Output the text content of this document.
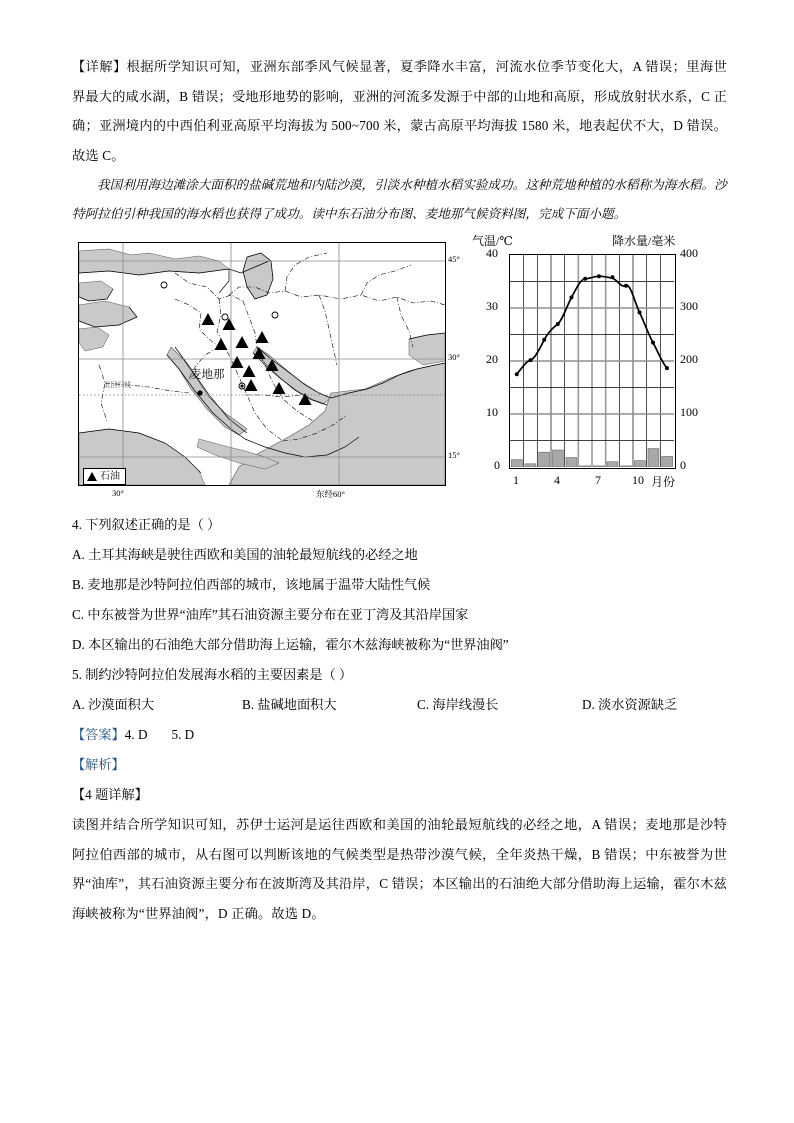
【详解】根据所学知识可知，亚洲东部季风气候显著，夏季降水丰富，河流水位季节变化大，A 错误；里海世界最大的咸水湖，B 错误；受地形地势的影响，亚洲的河流多发源于中部的山地和高原，形成放射状水系，C 正确；亚洲境内的中西伯利亚高原平均海拔为 500~700 米，蒙古高原平均海拔 1580 米，地表起伏不大，D 错误。故选 C。

我国利用海边滩涂大面积的盐碱荒地和内陆沙漠，引淡水种植水稻实验成功。这种荒地种植的水稻称为海水稻。沙特阿拉伯引种我国的海水稻也获得了成功。读中东石油分布图、麦地那气候资料图，完成下面小题。

麦地那
北回归线
石油
45°
30°
15°
30°	东经60°
气温/℃	降水量/毫米
40
30
20
10
0
400
300
200
100
0
1	4	7	10 月份

4. 下列叙述正确的是（ ）

A. 土耳其海峡是驶往西欧和美国的油轮最短航线的必经之地

B. 麦地那是沙特阿拉伯西部的城市，该地属于温带大陆性气候

C. 中东被誉为世界“油库”其石油资源主要分布在亚丁湾及其沿岸国家

D. 本区输出的石油绝大部分借助海上运输，霍尔木兹海峡被称为“世界油阀”

5. 制约沙特阿拉伯发展海水稻的主要因素是（ ）

A. 沙漠面积大	B. 盐碱地面积大	C. 海岸线漫长	D. 淡水资源缺乏

【答案】4. D 5. D

【解析】

【4 题详解】

读图并结合所学知识可知，苏伊士运河是运往西欧和美国的油轮最短航线的必经之地，A 错误；麦地那是沙特阿拉伯西部的城市，从右图可以判断该地的气候类型是热带沙漠气候，全年炎热干燥，B 错误；中东被誉为世界“油库”，其石油资源主要分布在波斯湾及其沿岸，C 错误；本区输出的石油绝大部分借助海上运输，霍尔木兹海峡被称为“世界油阀”，D 正确。故选 D。
